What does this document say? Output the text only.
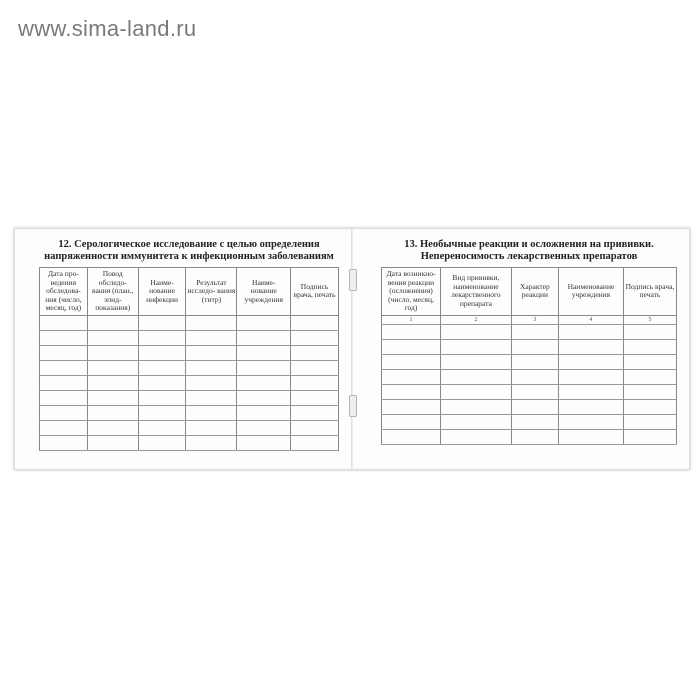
www.sima-land.ru
12. Серологическое исследование с целью определения
напряженности иммунитета к инфекционным заболеваниям
Дата про- ведения обследова- ния (число, месяц, год)	Повод обследо- вания (план., эпид- показания)	Наиме- нование инфекции	Результат исследо- вания (титр)	Наиме- нование учреждения	Подпись врача, печать

13. Необычные реакции и осложнения на прививки.
Непереносимость лекарственных препаратов
Дата возникно- вения реакции (осложнения) (число, месяц, год)	Вид прививки, наименование лекарственного препарата	Характер реакции	Наименование учреждения	Подпись врача, печать
1	2	3	4	5
